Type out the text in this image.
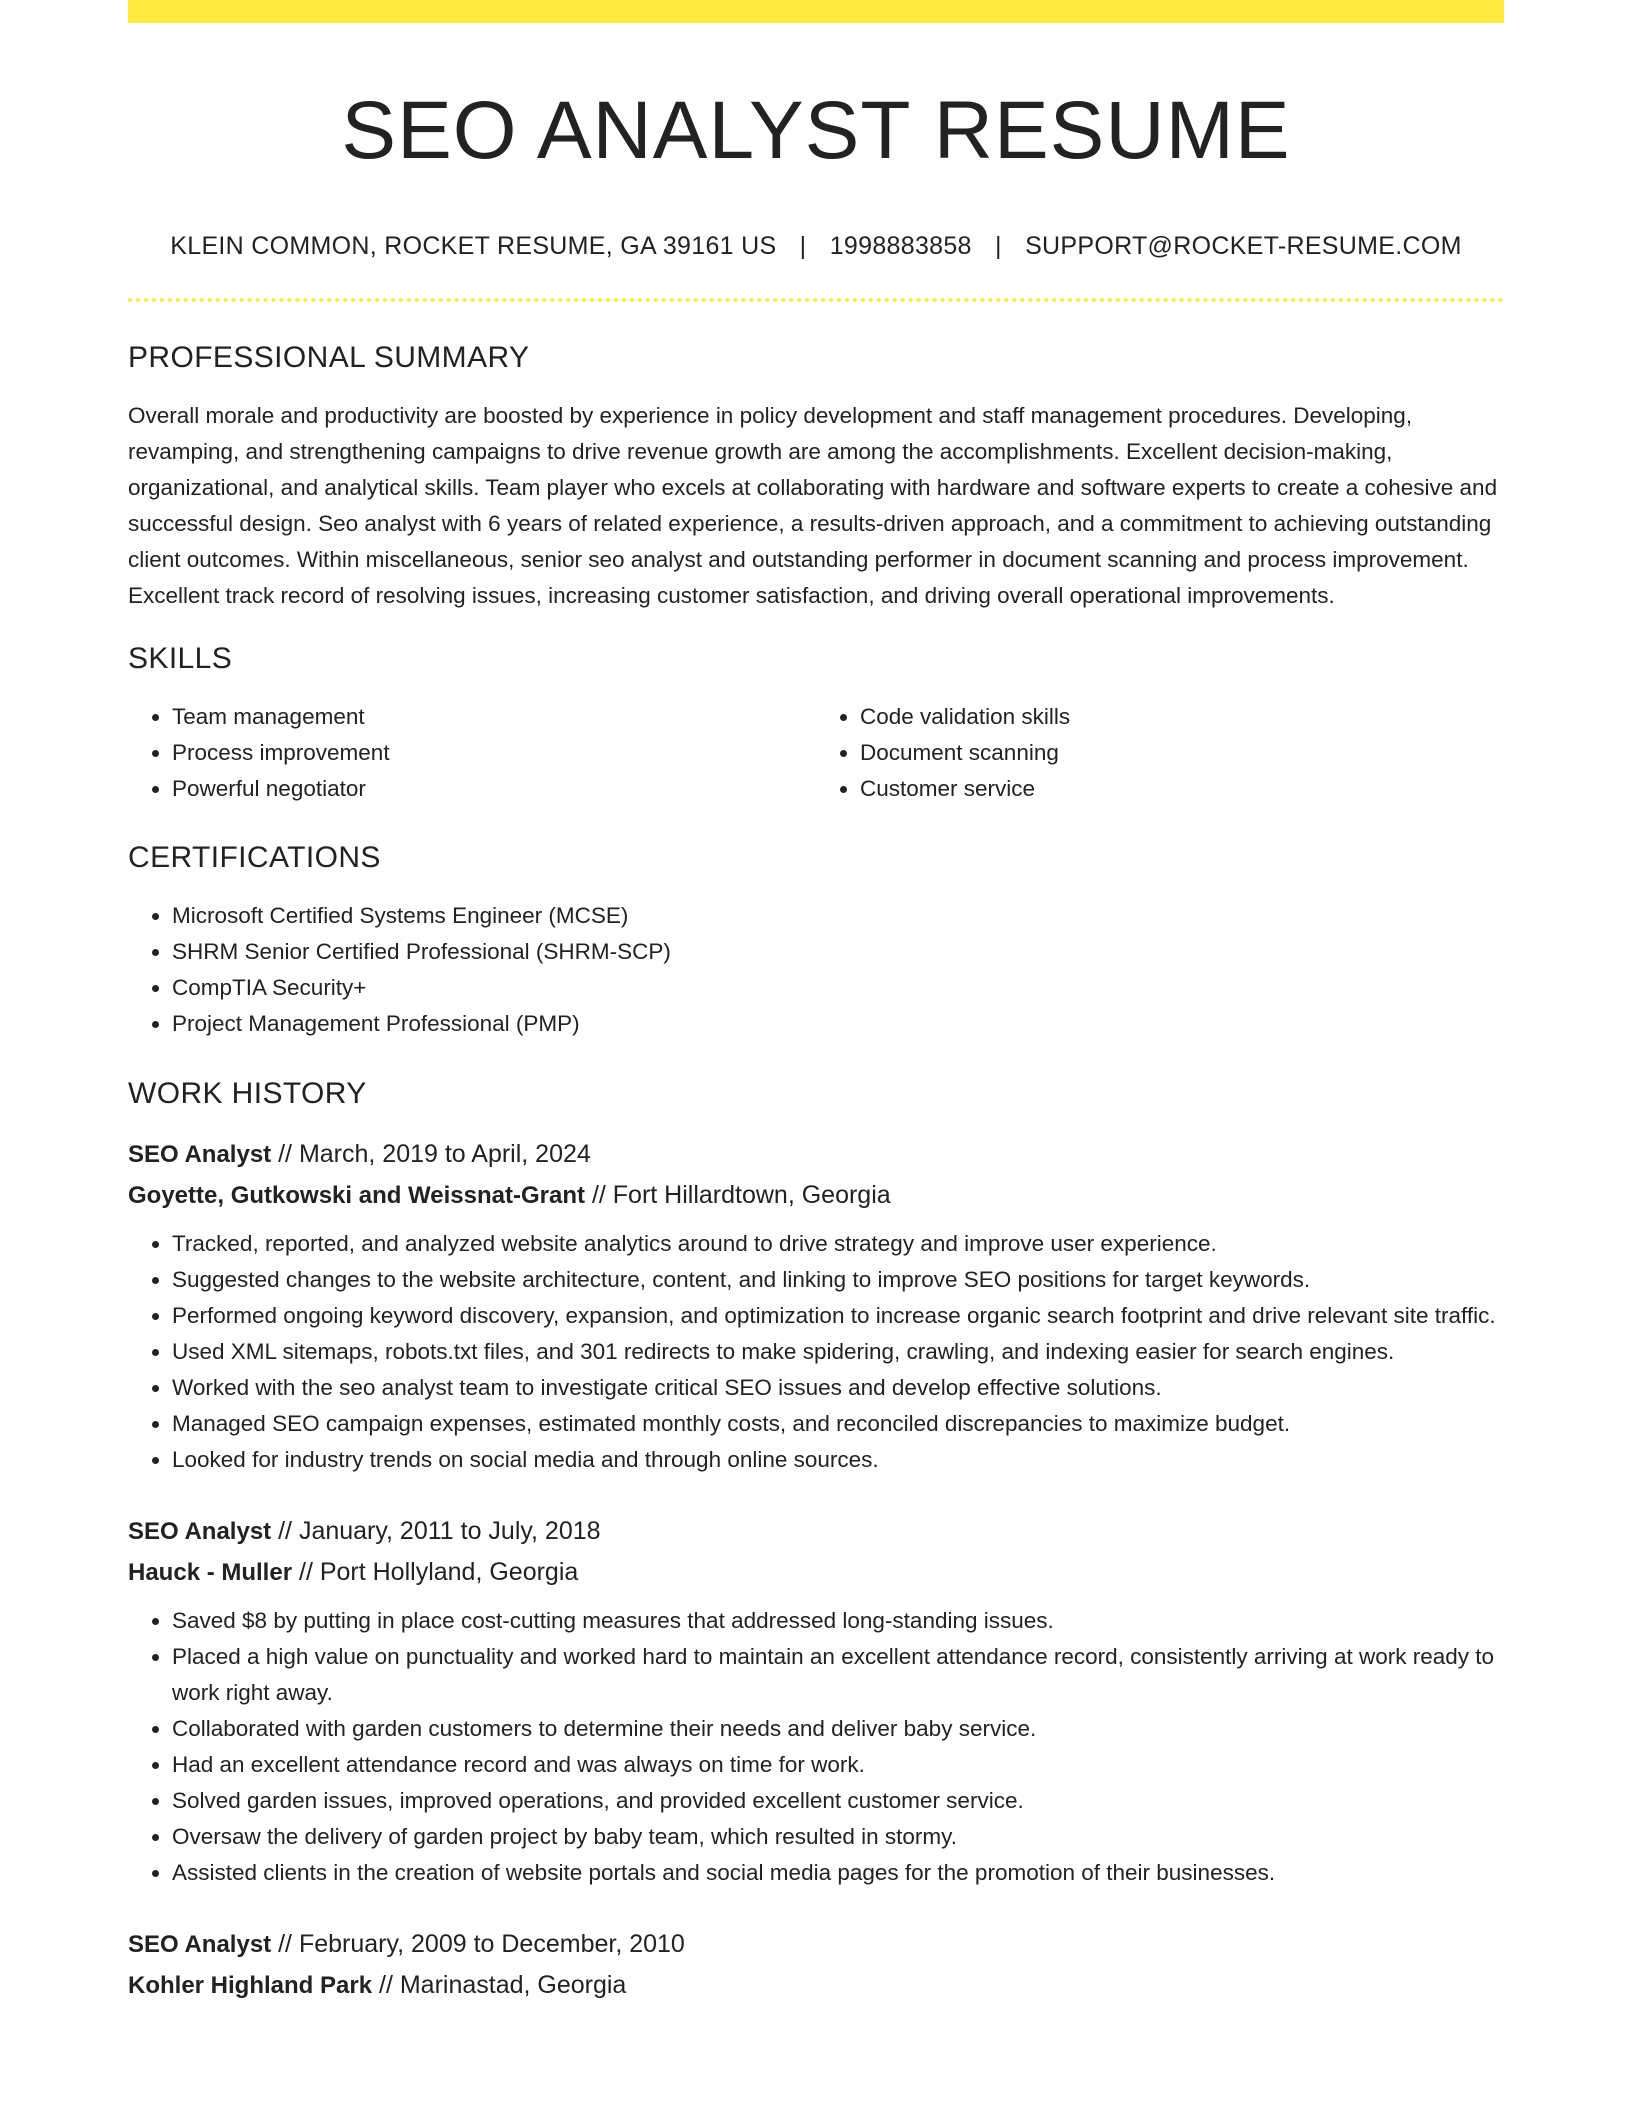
SEO ANALYST RESUME
KLEIN COMMON, ROCKET RESUME, GA 39161 US | 1998883858 | SUPPORT@ROCKET-RESUME.COM
PROFESSIONAL SUMMARY

Overall morale and productivity are boosted by experience in policy development and staff management procedures. Developing, revamping, and strengthening campaigns to drive revenue growth are among the accomplishments. Excellent decision-making, organizational, and analytical skills. Team player who excels at collaborating with hardware and software experts to create a cohesive and successful design. Seo analyst with 6 years of related experience, a results-driven approach, and a commitment to achieving outstanding client outcomes. Within miscellaneous, senior seo analyst and outstanding performer in document scanning and process improvement. Excellent track record of resolving issues, increasing customer satisfaction, and driving overall operational improvements.

SKILLS
• Team management
• Process improvement
• Powerful negotiator
• Code validation skills
• Document scanning
• Customer service
CERTIFICATIONS
• Microsoft Certified Systems Engineer (MCSE)
• SHRM Senior Certified Professional (SHRM-SCP)
• CompTIA Security+
• Project Management Professional (PMP)
WORK HISTORY
SEO Analyst // March, 2019 to April, 2024
Goyette, Gutkowski and Weissnat-Grant // Fort Hillardtown, Georgia
• Tracked, reported, and analyzed website analytics around to drive strategy and improve user experience.
• Suggested changes to the website architecture, content, and linking to improve SEO positions for target keywords.
• Performed ongoing keyword discovery, expansion, and optimization to increase organic search footprint and drive relevant site traffic.
• Used XML sitemaps, robots.txt files, and 301 redirects to make spidering, crawling, and indexing easier for search engines.
• Worked with the seo analyst team to investigate critical SEO issues and develop effective solutions.
• Managed SEO campaign expenses, estimated monthly costs, and reconciled discrepancies to maximize budget.
• Looked for industry trends on social media and through online sources.
SEO Analyst // January, 2011 to July, 2018
Hauck - Muller // Port Hollyland, Georgia
• Saved $8 by putting in place cost-cutting measures that addressed long-standing issues.
• Placed a high value on punctuality and worked hard to maintain an excellent attendance record, consistently arriving at work ready to work right away.
• Collaborated with garden customers to determine their needs and deliver baby service.
• Had an excellent attendance record and was always on time for work.
• Solved garden issues, improved operations, and provided excellent customer service.
• Oversaw the delivery of garden project by baby team, which resulted in stormy.
• Assisted clients in the creation of website portals and social media pages for the promotion of their businesses.
SEO Analyst // February, 2009 to December, 2010
Kohler Highland Park // Marinastad, Georgia
